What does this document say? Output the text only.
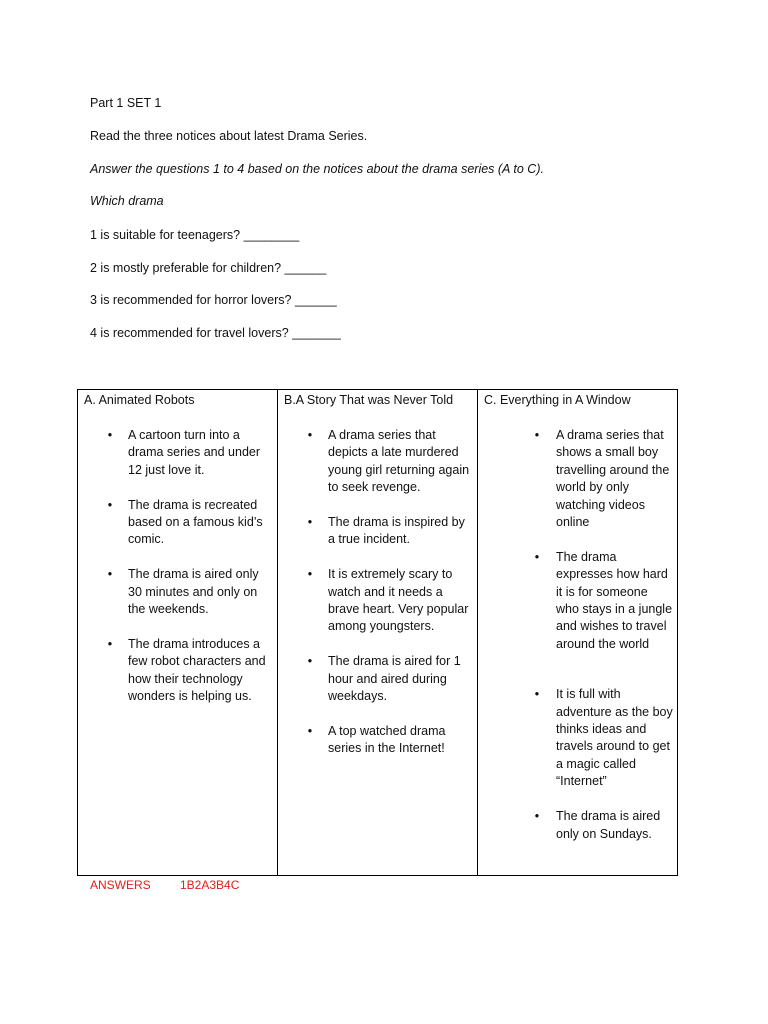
Part 1 SET 1
Read the three notices about latest Drama Series.
Answer the questions 1 to 4 based on the notices about the drama series (A to C).
Which drama
1 is suitable for teenagers? ________
2 is mostly preferable for children? ______
3 is recommended for horror lovers? ______
4 is recommended for travel lovers? _______
A. Animated Robots
• A cartoon turn into a drama series and under 12 just love it.
• The drama is recreated based on a famous kid’s comic.
• The drama is aired only 30 minutes and only on the weekends.
• The drama introduces a few robot characters and how their technology wonders is helping us.
B.A Story That was Never Told
• A drama series that depicts a late murdered young girl returning again to seek revenge.
• The drama is inspired by a true incident.
• It is extremely scary to watch and it needs a brave heart. Very popular among youngsters.
• The drama is aired for 1 hour and aired during weekdays.
• A top watched drama series in the Internet!
C. Everything in A Window
• A drama series that shows a small boy travelling around the world by only watching videos online
• The drama expresses how hard it is for someone who stays in a jungle and wishes to travel around the world
• It is full with adventure as the boy thinks ideas and travels around to get a magic called “Internet”
• The drama is aired only on Sundays.
ANSWERS 1B2A3B4C
